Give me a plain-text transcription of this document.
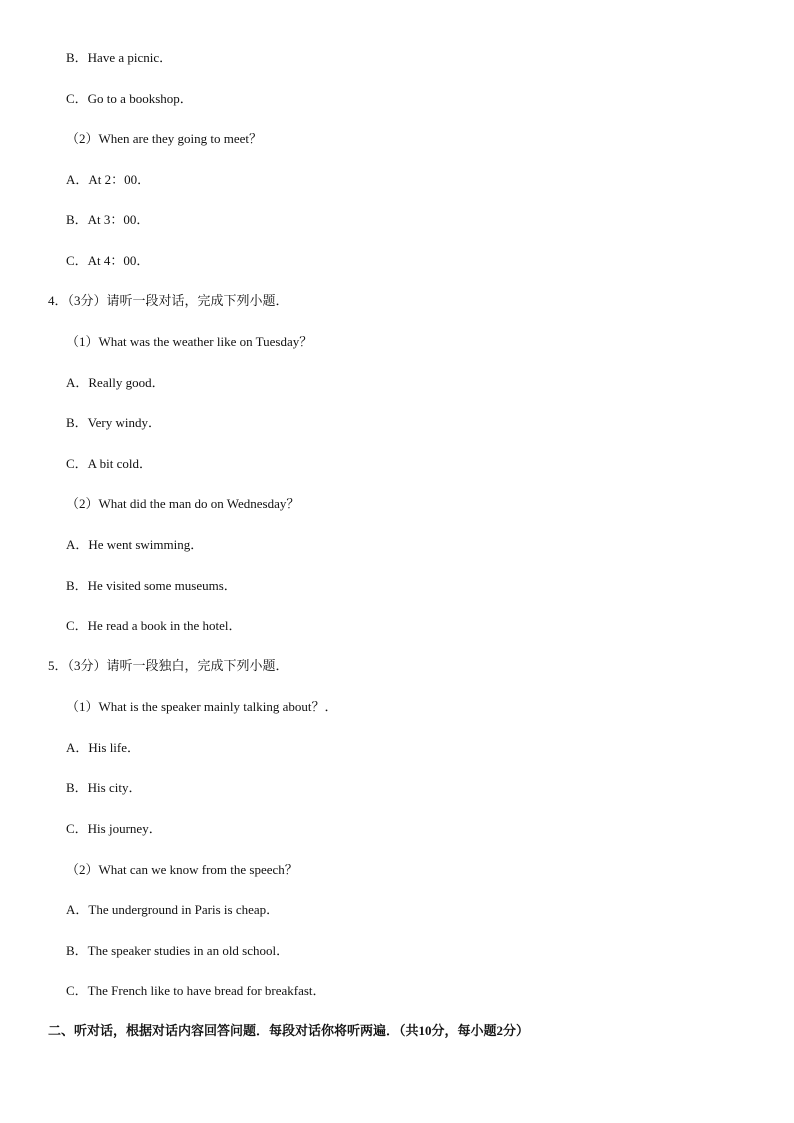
B．Have a picnic．
C．Go to a bookshop．
（2）When are they going to meet？
A．At 2：00．
B．At 3：00．
C．At 4：00．
4．（3分）请听一段对话，完成下列小题．
（1）What was the weather like on Tuesday？
A．Really good．
B．Very windy．
C．A bit cold．
（2）What did the man do on Wednesday？
A．He went swimming．
B．He visited some museums．
C．He read a book in the hotel．
5．（3分）请听一段独白，完成下列小题．
（1）What is the speaker mainly talking about？．
A．His life．
B．His city．
C．His journey．
（2）What can we know from the speech？
A．The underground in Paris is cheap．
B．The speaker studies in an old school．
C．The French like to have bread for breakfast．
二、听对话，根据对话内容回答问题．每段对话你将听两遍．（共10分，每小题2分）
